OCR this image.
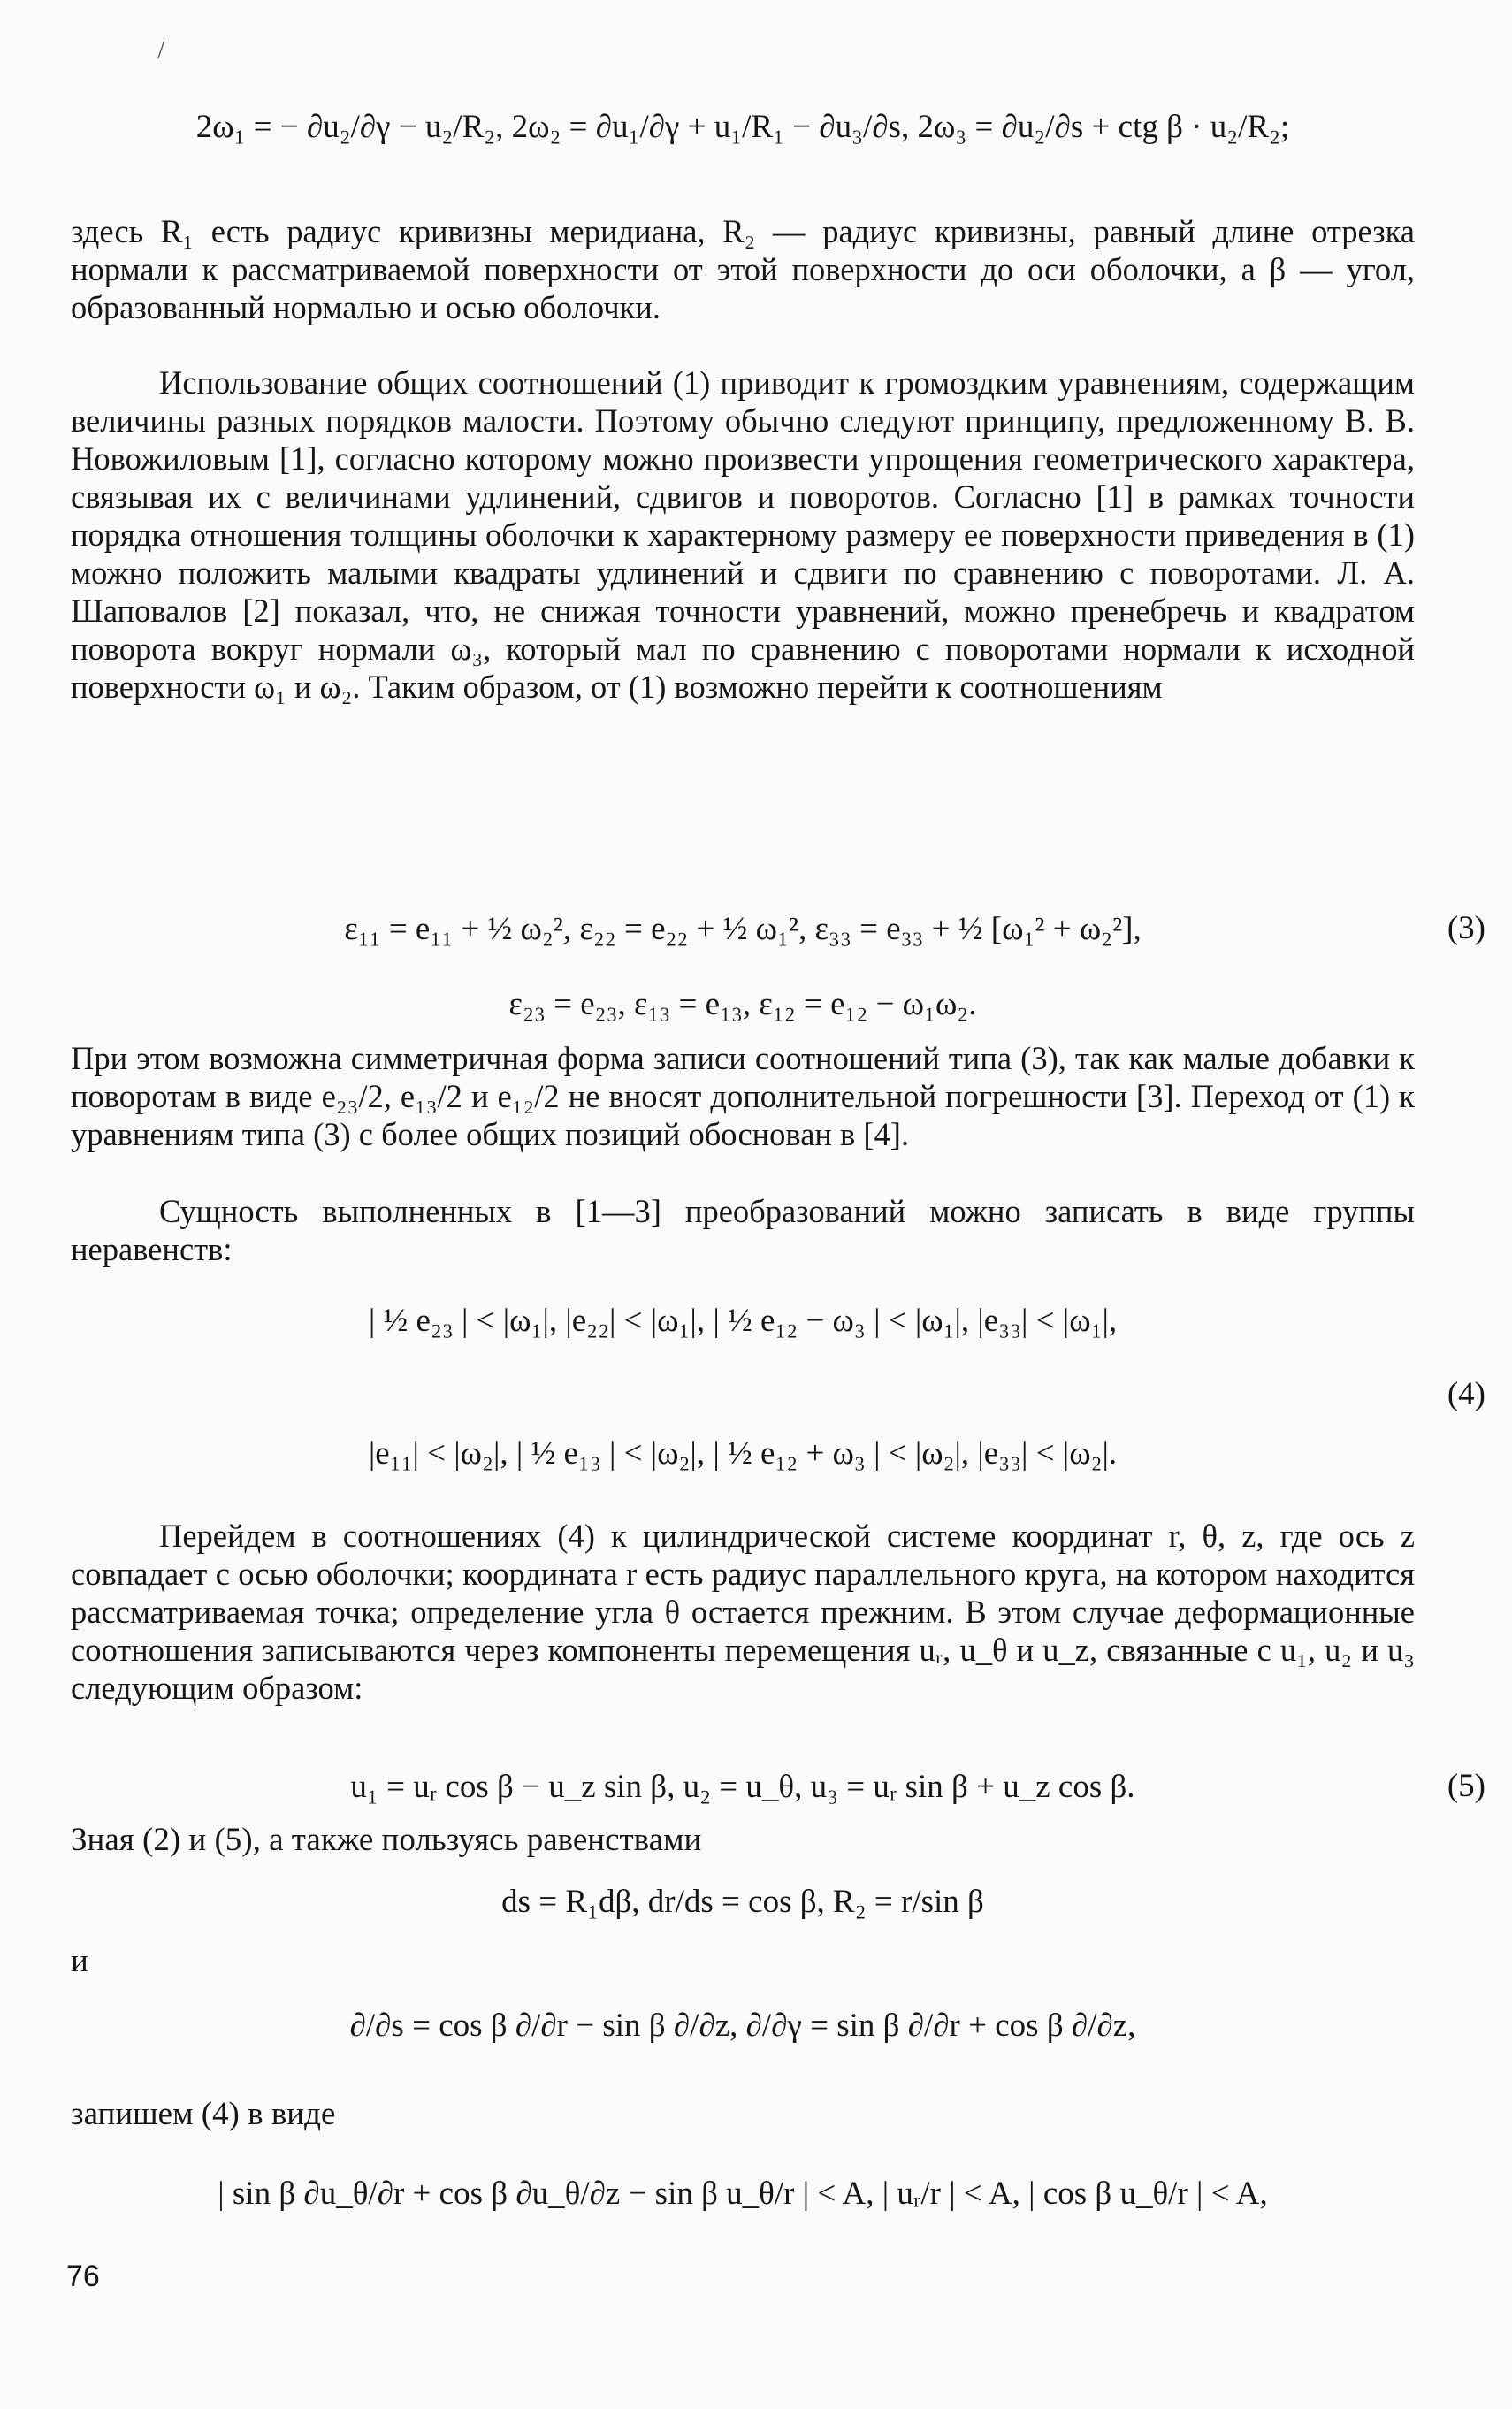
/
2ω₁ = − ∂u₂/∂γ − u₂/R₂, 2ω₂ = ∂u₁/∂γ + u₁/R₁ − ∂u₃/∂s, 2ω₃ = ∂u₂/∂s + ctg β · u₂/R₂;
здесь R₁ есть радиус кривизны меридиана, R₂ — радиус кривизны, равный длине отрезка нормали к рассматриваемой поверхности от этой поверхности до оси оболочки, а β — угол, образованный нормалью и осью оболочки.
Использование общих соотношений (1) приводит к громоздким уравнениям, содержащим величины разных порядков малости. Поэтому обычно следуют принципу, предложенному В. В. Новожиловым [1], согласно которому можно произвести упрощения геометрического характера, связывая их с величинами удлинений, сдвигов и поворотов. Согласно [1] в рамках точности порядка отношения толщины оболочки к характерному размеру ее поверхности приведения в (1) можно положить малыми квадраты удлинений и сдвиги по сравнению с поворотами. Л. А. Шаповалов [2] показал, что, не снижая точности уравнений, можно пренебречь и квадратом поворота вокруг нормали ω₃, который мал по сравнению с поворотами нормали к исходной поверхности ω₁ и ω₂. Таким образом, от (1) возможно перейти к соотношениям
ε₁₁ = e₁₁ + ½ ω₂², ε₂₂ = e₂₂ + ½ ω₁², ε₃₃ = e₃₃ + ½ [ω₁² + ω₂²],	(3)
ε₂₃ = e₂₃, ε₁₃ = e₁₃, ε₁₂ = e₁₂ − ω₁ω₂.
При этом возможна симметричная форма записи соотношений типа (3), так как малые добавки к поворотам в виде e₂₃/2, e₁₃/2 и e₁₂/2 не вносят дополнительной погрешности [3]. Переход от (1) к уравнениям типа (3) с более общих позиций обоснован в [4].
Сущность выполненных в [1—3] преобразований можно записать в виде группы неравенств:
| ½ e₂₃ | < |ω₁|, |e₂₂| < |ω₁|, | ½ e₁₂ − ω₃ | < |ω₁|, |e₃₃| < |ω₁|,
(4)
|e₁₁| < |ω₂|, | ½ e₁₃ | < |ω₂|, | ½ e₁₂ + ω₃ | < |ω₂|, |e₃₃| < |ω₂|.
Перейдем в соотношениях (4) к цилиндрической системе координат r, θ, z, где ось z совпадает с осью оболочки; координата r есть радиус параллельного круга, на котором находится рассматриваемая точка; определение угла θ остается прежним. В этом случае деформационные соотношения записываются через компоненты перемещения uᵣ, u_θ и u_z, связанные с u₁, u₂ и u₃ следующим образом:
u₁ = uᵣ cos β − u_z sin β, u₂ = u_θ, u₃ = uᵣ sin β + u_z cos β.	(5)
Зная (2) и (5), а также пользуясь равенствами
ds = R₁dβ, dr/ds = cos β, R₂ = r/sin β
и
∂/∂s = cos β ∂/∂r − sin β ∂/∂z, ∂/∂γ = sin β ∂/∂r + cos β ∂/∂z,
запишем (4) в виде
| sin β ∂u_θ/∂r + cos β ∂u_θ/∂z − sin β u_θ/r | < A, | uᵣ/r | < A, | cos β u_θ/r | < A,
76
